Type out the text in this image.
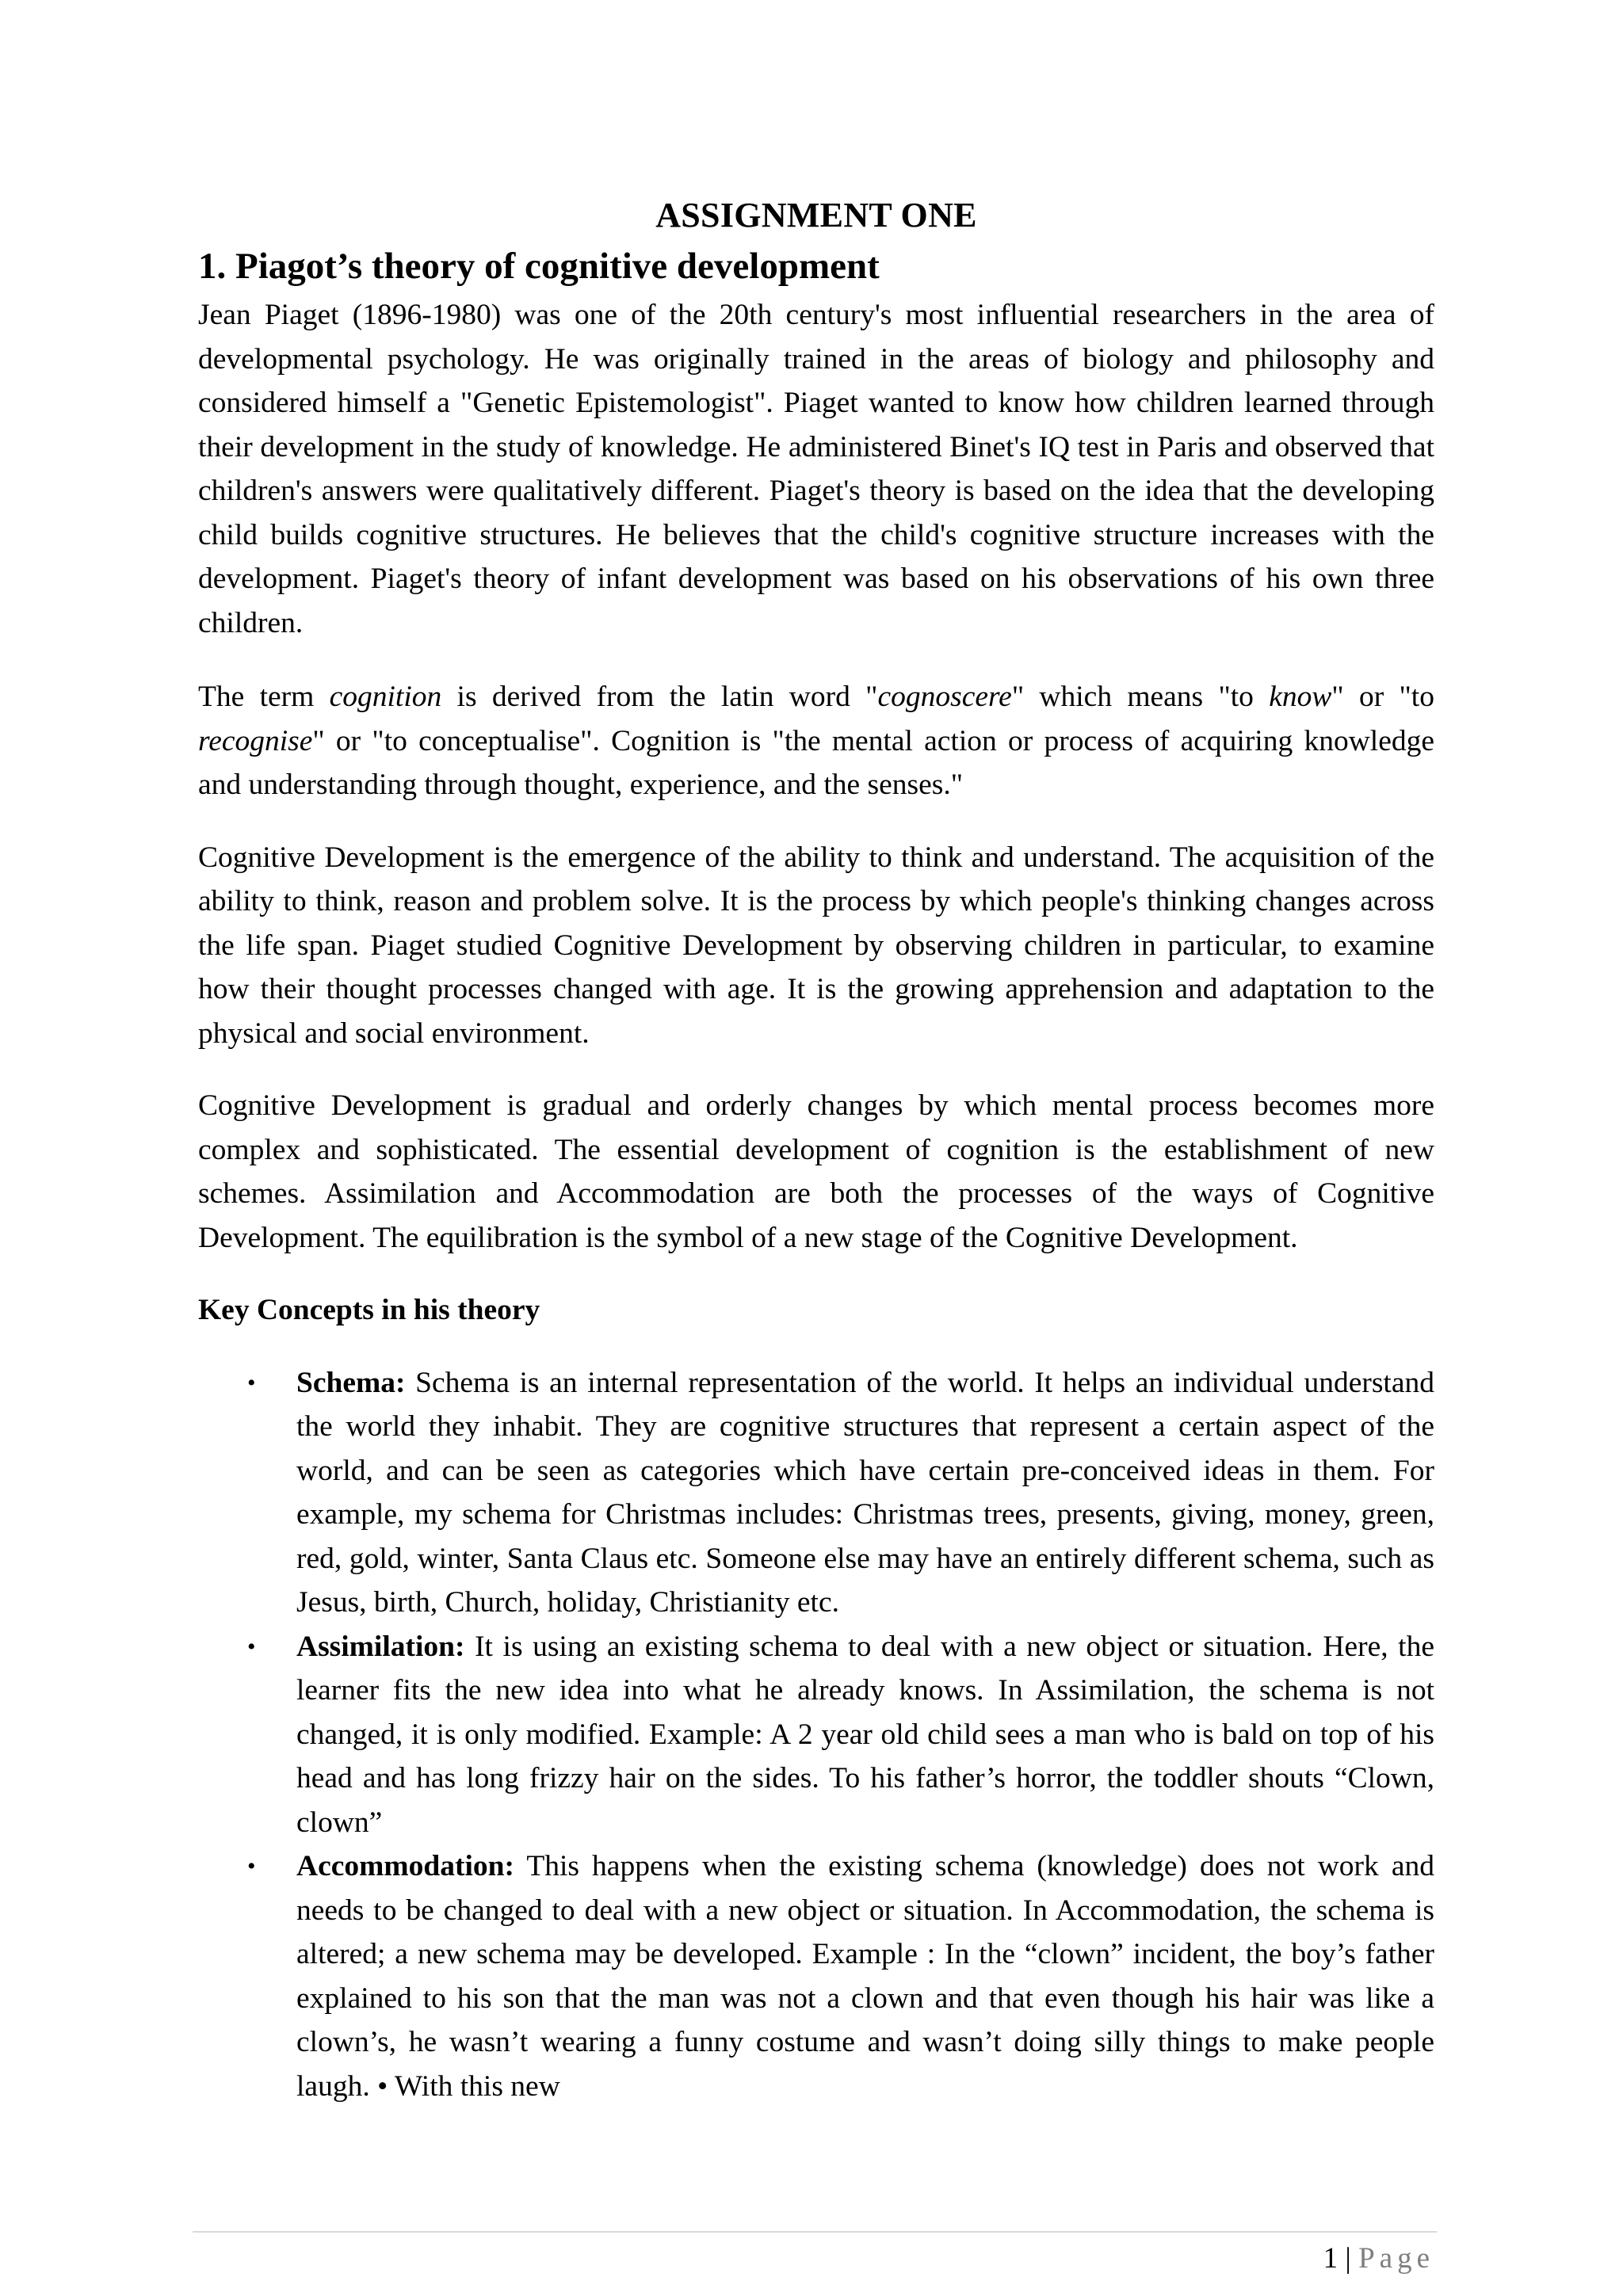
ASSIGNMENT ONE
1. Piagot’s theory of cognitive development

Jean Piaget (1896-1980) was one of the 20th century's most influential researchers in the area of developmental psychology. He was originally trained in the areas of biology and philosophy and considered himself a "Genetic Epistemologist". Piaget wanted to know how children learned through their development in the study of knowledge. He administered Binet's IQ test in Paris and observed that children's answers were qualitatively different. Piaget's theory is based on the idea that the developing child builds cognitive structures. He believes that the child's cognitive structure increases with the development. Piaget's theory of infant development was based on his observations of his own three children.

The term cognition is derived from the latin word "cognoscere" which means "to know" or "to recognise" or "to conceptualise". Cognition is "the mental action or process of acquiring knowledge and understanding through thought, experience, and the senses."

Cognitive Development is the emergence of the ability to think and understand. The acquisition of the ability to think, reason and problem solve. It is the process by which people's thinking changes across the life span. Piaget studied Cognitive Development by observing children in particular, to examine how their thought processes changed with age. It is the growing apprehension and adaptation to the physical and social environment.

Cognitive Development is gradual and orderly changes by which mental process becomes more complex and sophisticated. The essential development of cognition is the establishment of new schemes. Assimilation and Accommodation are both the processes of the ways of Cognitive Development. The equilibration is the symbol of a new stage of the Cognitive Development.

Key Concepts in his theory
• Schema: Schema is an internal representation of the world. It helps an individual understand the world they inhabit. They are cognitive structures that represent a certain aspect of the world, and can be seen as categories which have certain pre-conceived ideas in them. For example, my schema for Christmas includes: Christmas trees, presents, giving, money, green, red, gold, winter, Santa Claus etc. Someone else may have an entirely different schema, such as Jesus, birth, Church, holiday, Christianity etc.
• Assimilation: It is using an existing schema to deal with a new object or situation. Here, the learner fits the new idea into what he already knows. In Assimilation, the schema is not changed, it is only modified. Example: A 2 year old child sees a man who is bald on top of his head and has long frizzy hair on the sides. To his father’s horror, the toddler shouts “Clown, clown”
• Accommodation: This happens when the existing schema (knowledge) does not work and needs to be changed to deal with a new object or situation. In Accommodation, the schema is altered; a new schema may be developed. Example : In the “clown” incident, the boy’s father explained to his son that the man was not a clown and that even though his hair was like a clown’s, he wasn’t wearing a funny costume and wasn’t doing silly things to make people laugh. • With this new
1 | Page
